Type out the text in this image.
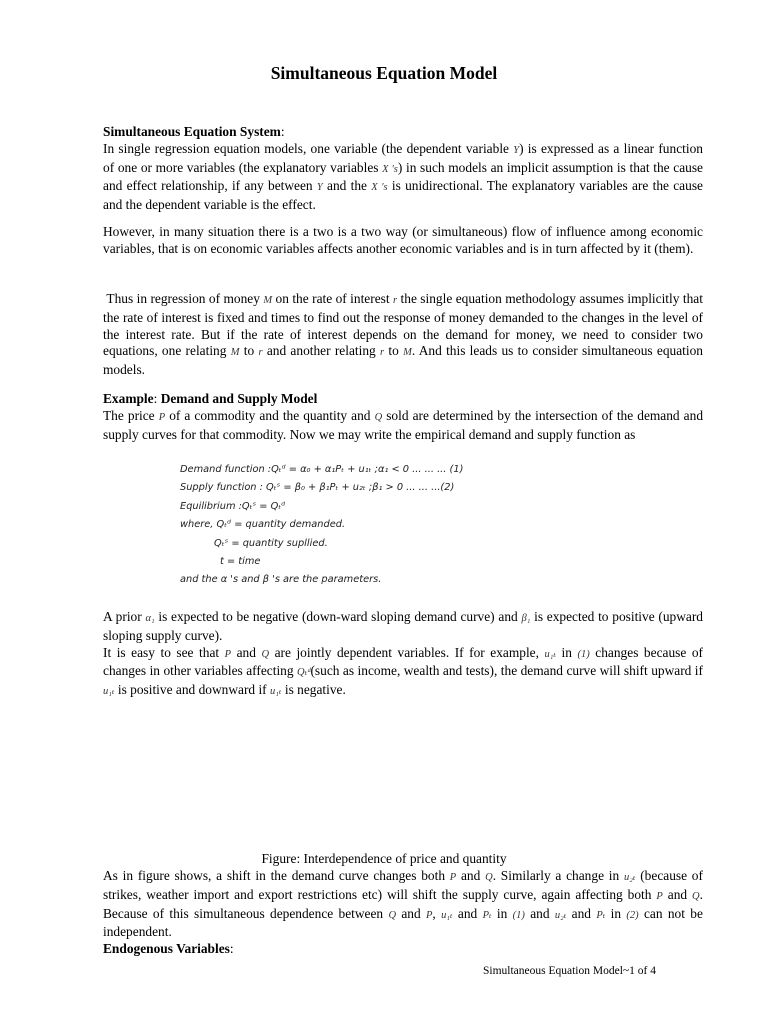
Simultaneous Equation Model

Simultaneous Equation System:

In single regression equation models, one variable (the dependent variable Y) is expressed as a linear function of one or more variables (the explanatory variables X 's) in such models an implicit assumption is that the cause and effect relationship, if any between Y and the X 's is unidirectional. The explanatory variables are the cause and the dependent variable is the effect.

However, in many situation there is a two is a two way (or simultaneous) flow of influence among economic variables, that is on economic variables affects another economic variables and is in turn affected by it (them).

Thus in regression of money M on the rate of interest r the single equation methodology assumes implicitly that the rate of interest is fixed and times to find out the response of money demanded to the changes in the level of the interest rate. But if the rate of interest depends on the demand for money, we need to consider two equations, one relating M to r and another relating r to M. And this leads us to consider simultaneous equation models.

Example: Demand and Supply Model

The price P of a commodity and the quantity and Q sold are determined by the intersection of the demand and supply curves for that commodity. Now we may write the empirical demand and supply function as

Demand function :Qₜᵈ = α₀ + α₁Pₜ + u₁ₜ ;α₁ < 0 ... ... ... (1)
Supply function : Qₜˢ = β₀ + β₁Pₜ + u₂ₜ ;β₁ > 0 ... ... ...(2)
Equilibrium :Qₜˢ = Qₜᵈ
where, Qₜᵈ = quantity demanded.
Qₜˢ = quantity supllied.
t = time
and the α 's and β 's are the parameters.

A prior α₁ is expected to be negative (down-ward sloping demand curve) and β₁ is expected to positive (upward sloping supply curve).

It is easy to see that P and Q are jointly dependent variables. If for example, u₁ₜ in (1) changes because of changes in other variables affecting Qₜᵈ(such as income, wealth and tests), the demand curve will shift upward if u₁ₜ is positive and downward if u₁ₜ is negative.

Figure: Interdependence of price and quantity

As in figure shows, a shift in the demand curve changes both P and Q. Similarly a change in u₂ₜ (because of strikes, weather import and export restrictions etc) will shift the supply curve, again affecting both P and Q. Because of this simultaneous dependence between Q and P, u₁ₜ and Pₜ in (1) and u₂ₜ and Pₜ in (2) can not be independent.

Endogenous Variables:

Simultaneous Equation Model~1 of 4
